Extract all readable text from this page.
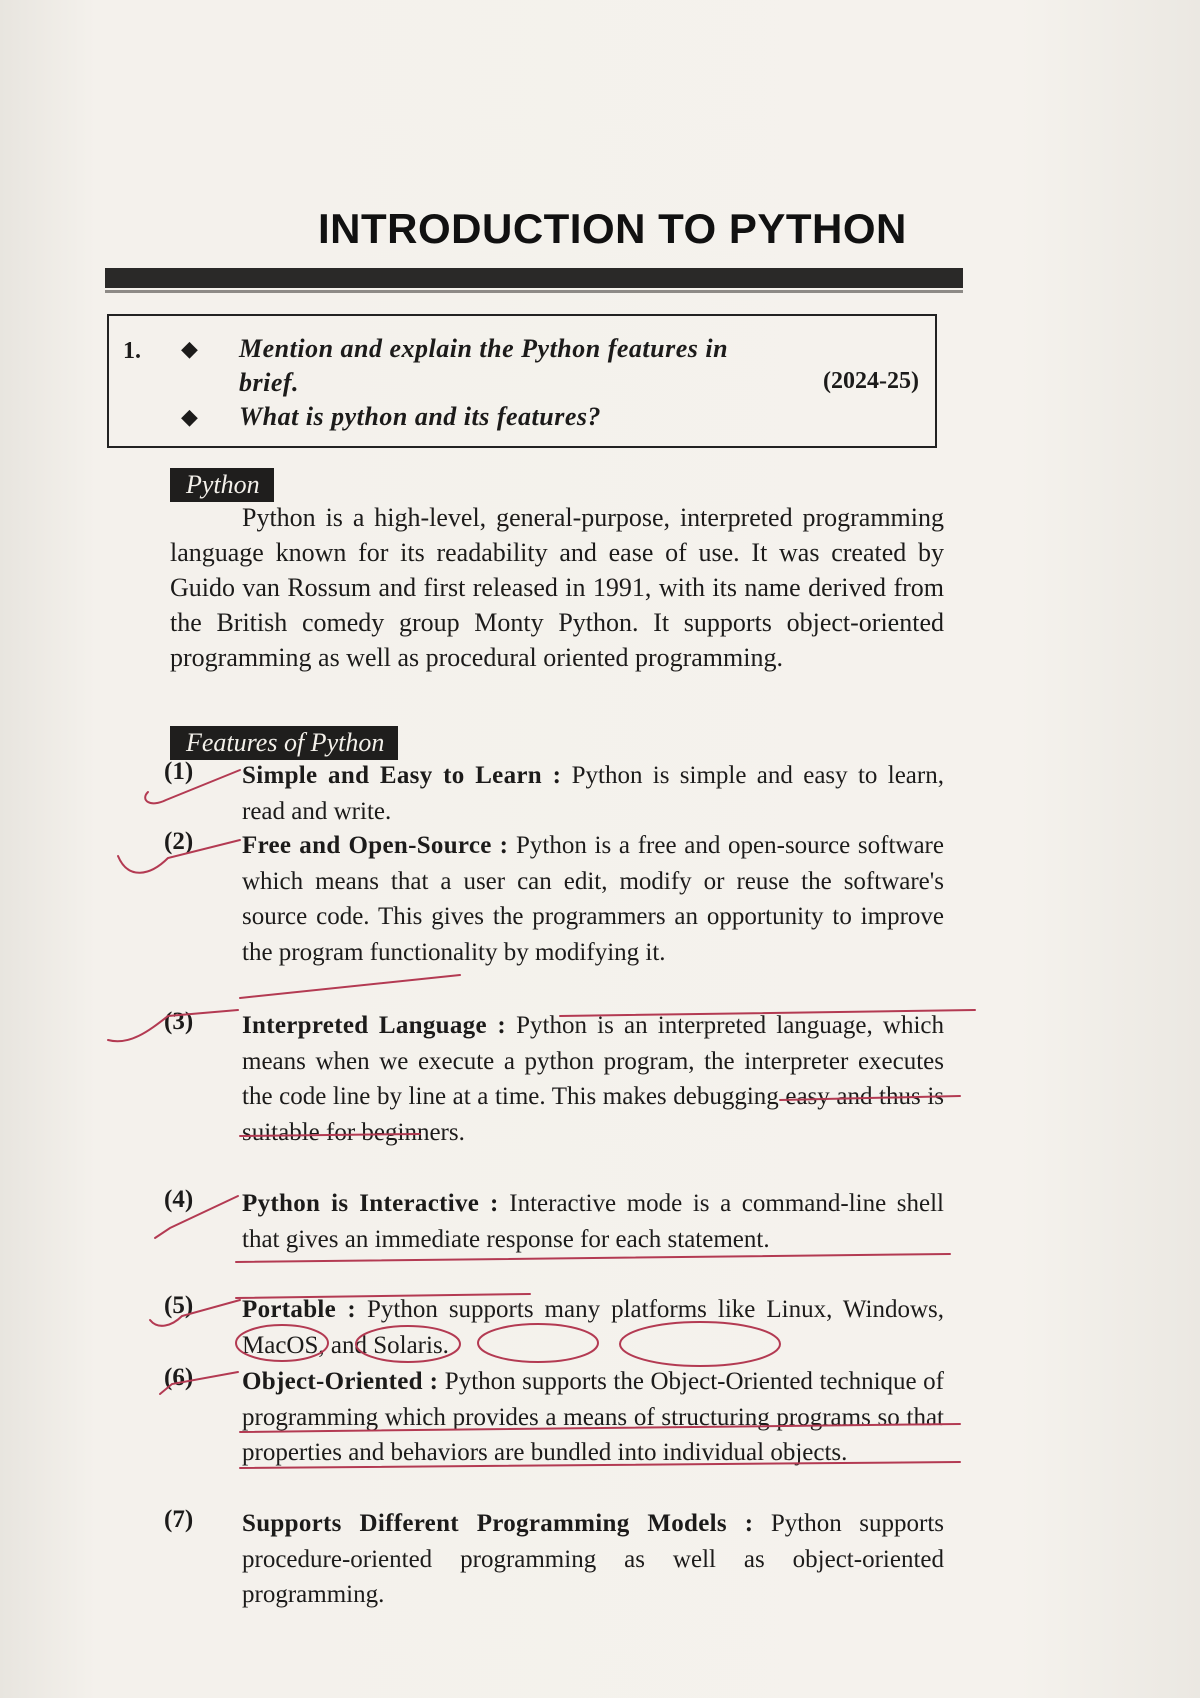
INTRODUCTION TO PYTHON
1. ◆ Mention and explain the Python features in
brief.	(2024-25)
◆ What is python and its features?
Python
Python is a high-level, general-purpose, interpreted programming language known for its readability and ease of use. It was created by Guido van Rossum and first released in 1991, with its name derived from the British comedy group Monty Python. It supports object-oriented programming as well as procedural oriented programming.
Features of Python
(1) Simple and Easy to Learn : Python is simple and easy to learn, read and write.
(2) Free and Open-Source : Python is a free and open-source software which means that a user can edit, modify or reuse the software's source code. This gives the programmers an opportunity to improve the program functionality by modifying it.
(3) Interpreted Language : Python is an interpreted language, which means when we execute a python program, the interpreter executes the code line by line at a time. This makes debugging easy and thus is suitable for beginners.
(4) Python is Interactive : Interactive mode is a command-line shell that gives an immediate response for each statement.
(5) Portable : Python supports many platforms like Linux, Windows, MacOS, and Solaris.
(6) Object-Oriented : Python supports the Object-Oriented technique of programming which provides a means of structuring programs so that properties and behaviors are bundled into individual objects.
(7) Supports Different Programming Models : Python supports procedure-oriented programming as well as object-oriented programming.
